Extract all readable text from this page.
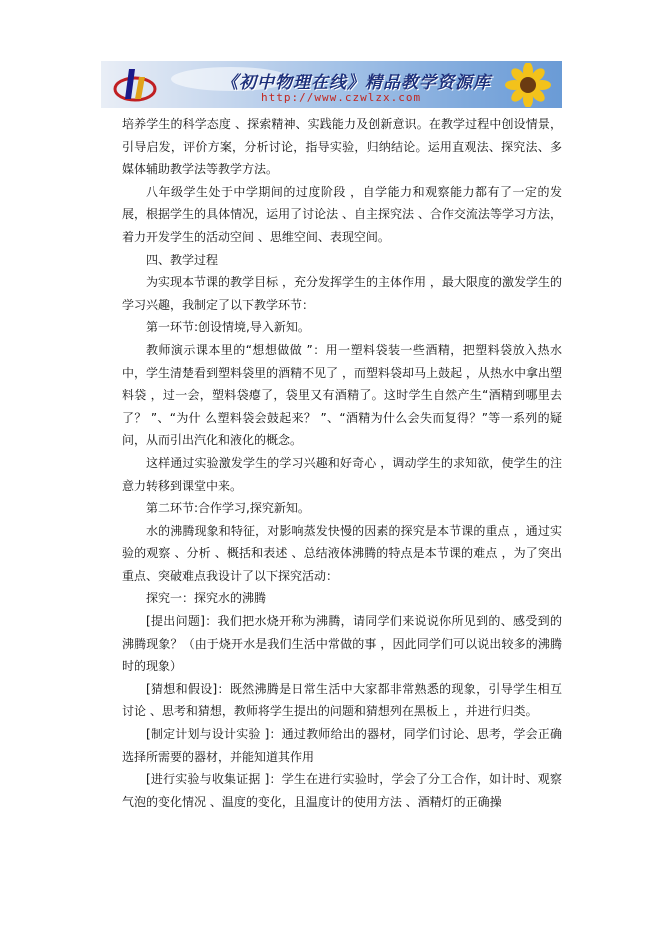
《初中物理在线》精品教学资源库
http://www.czwlzx.com

培养学生的科学态度 、探索精神、实践能力及创新意识。在教学过程中创设情景，引导启发，评价方案，分析讨论，指导实验，归纳结论。运用直观法、探究法、多媒体辅助教学法等教学方法。

八年级学生处于中学期间的过度阶段 ，自学能力和观察能力都有了一定的发展，根据学生的具体情况，运用了讨论法 、自主探究法 、合作交流法等学习方法，着力开发学生的活动空间 、思维空间、表现空间。

四、教学过程

为实现本节课的教学目标 ，充分发挥学生的主体作用 ，最大限度的激发学生的学习兴趣，我制定了以下教学环节：

第一环节:创设情境,导入新知。

教师演示课本里的“想想做做 ”：用一塑料袋装一些酒精，把塑料袋放入热水中，学生清楚看到塑料袋里的酒精不见了 ，而塑料袋却马上鼓起 ，从热水中拿出塑料袋 ，过一会，塑料袋瘪了，袋里又有酒精了。这时学生自然产生“酒精到哪里去了？ ”、“为什 么塑料袋会鼓起来？ ”、“酒精为什么会失而复得？”等一系列的疑问，从而引出汽化和液化的概念。

这样通过实验激发学生的学习兴趣和好奇心 ，调动学生的求知欲，使学生的注意力转移到课堂中来。

第二环节:合作学习,探究新知。

水的沸腾现象和特征，对影响蒸发快慢的因素的探究是本节课的重点 ，通过实验的观察 、分析 、概括和表述 、总结液体沸腾的特点是本节课的难点 ，为了突出重点、突破难点我设计了以下探究活动：

探究一：探究水的沸腾

[提出问题]：我们把水烧开称为沸腾，请同学们来说说你所见到的、感受到的沸腾现象？（由于烧开水是我们生活中常做的事 ，因此同学们可以说出较多的沸腾时的现象）

[猜想和假设]：既然沸腾是日常生活中大家都非常熟悉的现象，引导学生相互讨论 、思考和猜想，教师将学生提出的问题和猜想列在黑板上 ，并进行归类。

[制定计划与设计实验 ]：通过教师给出的器材，同学们讨论、思考，学会正确选择所需要的器材，并能知道其作用

[进行实验与收集证据 ]：学生在进行实验时，学会了分工合作，如计时、观察气泡的变化情况 、温度的变化，且温度计的使用方法 、酒精灯的正确操
